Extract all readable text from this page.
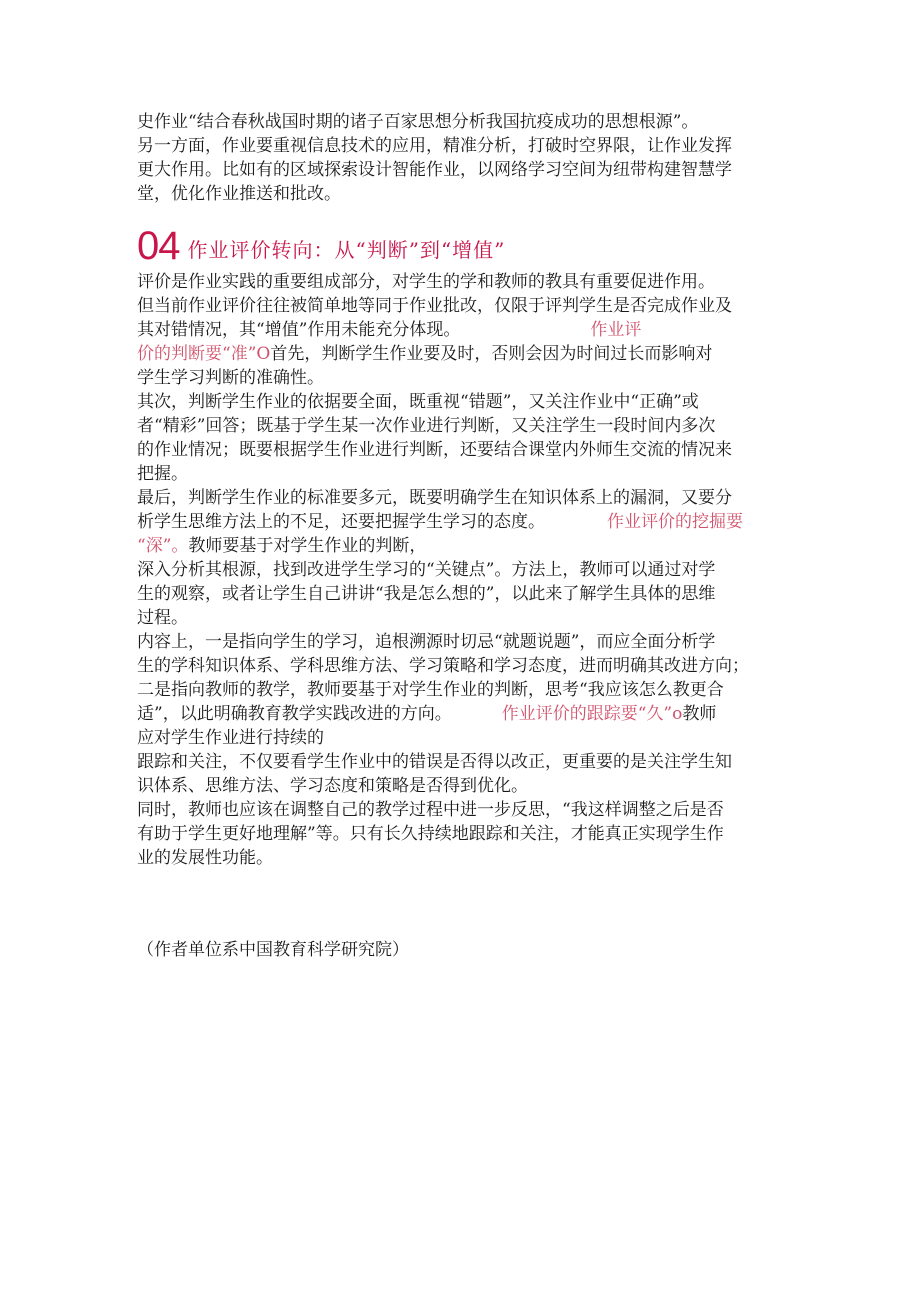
史作业“结合春秋战国时期的诸子百家思想分析我国抗疫成功的思想根源”。
另一方面，作业要重视信息技术的应用，精准分析，打破时空界限，让作业发挥
更大作用。比如有的区域探索设计智能作业，以网络学习空间为纽带构建智慧学
堂，优化作业推送和批改。
04 作业评价转向：从“判断”到“增值”
评价是作业实践的重要组成部分，对学生的学和教师的教具有重要促进作用。
但当前作业评价往往被简单地等同于作业批改，仅限于评判学生是否完成作业及
其对错情况，其“增值”作用未能充分体现。	作业评
价的判断要“准”O首先，判断学生作业要及时，否则会因为时间过长而影响对
学生学习判断的准确性。
其次，判断学生作业的依据要全面，既重视“错题”，又关注作业中“正确”或
者“精彩”回答；既基于学生某一次作业进行判断，又关注学生一段时间内多次
的作业情况；既要根据学生作业进行判断，还要结合课堂内外师生交流的情况来
把握。
最后，判断学生作业的标准要多元，既要明确学生在知识体系上的漏洞，又要分
析学生思维方法上的不足，还要把握学生学习的态度。	作业评价的挖掘要
“深”。教师要基于对学生作业的判断，
深入分析其根源，找到改进学生学习的“关键点”。方法上，教师可以通过对学
生的观察，或者让学生自己讲讲“我是怎么想的”，以此来了解学生具体的思维
过程。
内容上，一是指向学生的学习，追根溯源时切忌“就题说题”，而应全面分析学
生的学科知识体系、学科思维方法、学习策略和学习态度，进而明确其改进方向；
二是指向教师的教学，教师要基于对学生作业的判断，思考“我应该怎么教更合
适”，以此明确教育教学实践改进的方向。	作业评价的跟踪要“久”o教师
应对学生作业进行持续的
跟踪和关注，不仅要看学生作业中的错误是否得以改正，更重要的是关注学生知
识体系、思维方法、学习态度和策略是否得到优化。
同时，教师也应该在调整自己的教学过程中进一步反思，“我这样调整之后是否
有助于学生更好地理解”等。只有长久持续地跟踪和关注，才能真正实现学生作
业的发展性功能。
（作者单位系中国教育科学研究院）
